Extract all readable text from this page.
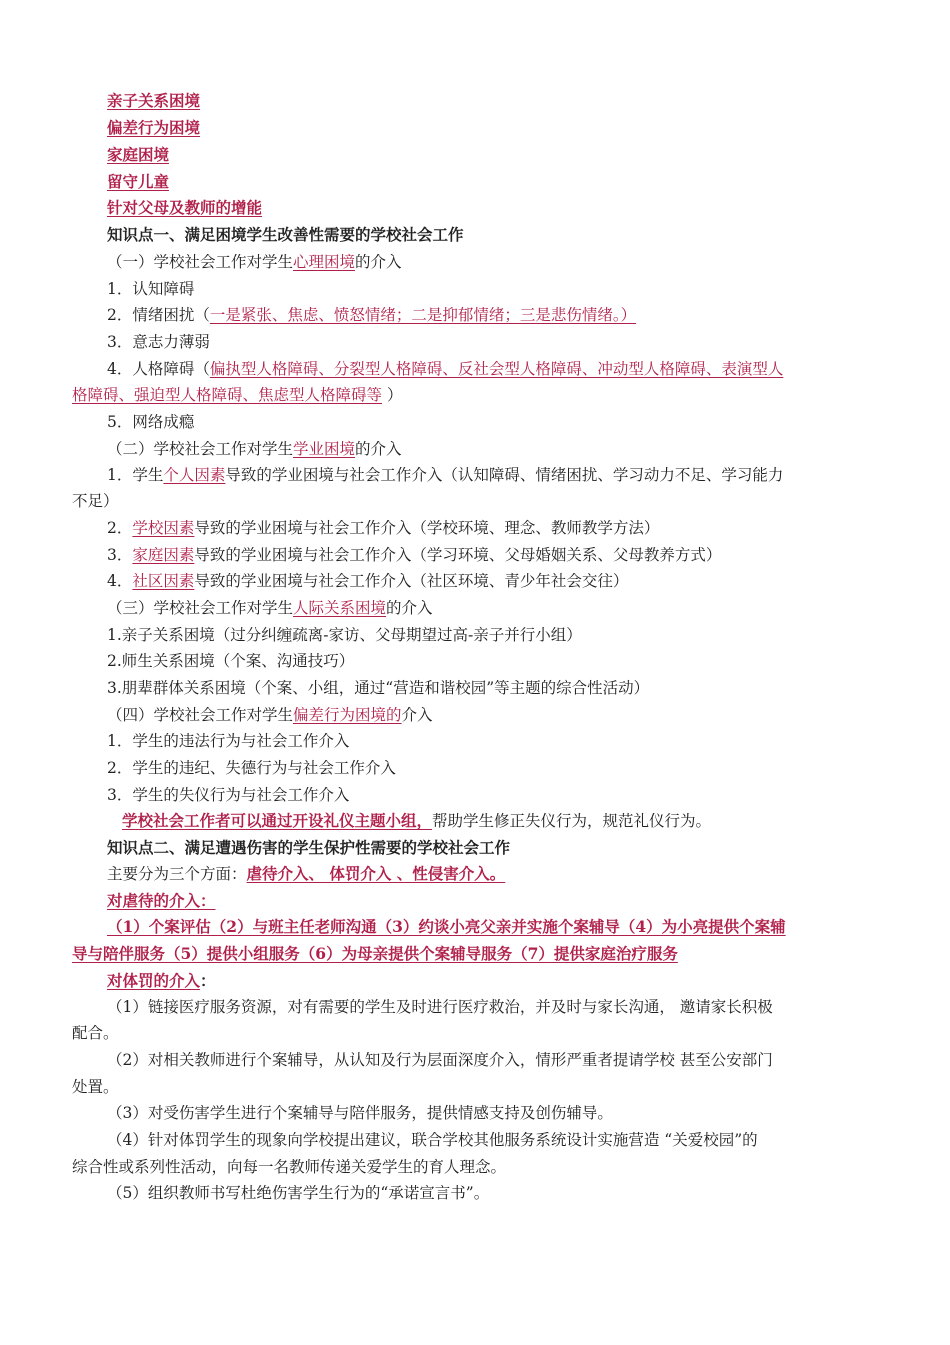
亲子关系困境
偏差行为困境
家庭困境
留守儿童
针对父母及教师的增能
知识点一、满足困境学生改善性需要的学校社会工作
（一）学校社会工作对学生心理困境的介入
1．认知障碍
2．情绪困扰（一是紧张、焦虑、愤怒情绪；二是抑郁情绪；三是悲伤情绪。）
3．意志力薄弱
4．人格障碍（偏执型人格障碍、分裂型人格障碍、反社会型人格障碍、冲动型人格障碍、表演型人
格障碍、强迫型人格障碍、焦虑型人格障碍等 ）
5．网络成瘾
（二）学校社会工作对学生学业困境的介入
1．学生个人因素导致的学业困境与社会工作介入（认知障碍、情绪困扰、学习动力不足、学习能力
不足）
2．学校因素导致的学业困境与社会工作介入（学校环境、理念、教师教学方法）
3．家庭因素导致的学业困境与社会工作介入（学习环境、父母婚姻关系、父母教养方式）
4．社区因素导致的学业困境与社会工作介入（社区环境、青少年社会交往）
（三）学校社会工作对学生人际关系困境的介入
1.亲子关系困境（过分纠缠疏离-家访、父母期望过高-亲子并行小组）
2.师生关系困境（个案、沟通技巧）
3.朋辈群体关系困境（个案、小组，通过“营造和谐校园”等主题的综合性活动）
（四）学校社会工作对学生偏差行为困境的介入
1．学生的违法行为与社会工作介入
2．学生的违纪、失德行为与社会工作介入
3．学生的失仪行为与社会工作介入
学校社会工作者可以通过开设礼仪主题小组，帮助学生修正失仪行为，规范礼仪行为。
知识点二、满足遭遇伤害的学生保护性需要的学校社会工作
主要分为三个方面：虐待介入、 体罚介入 、性侵害介入。
对虐待的介入：
（1）个案评估（2）与班主任老师沟通（3）约谈小亮父亲并实施个案辅导（4）为小亮提供个案辅
导与陪伴服务（5）提供小组服务（6）为母亲提供个案辅导服务（7）提供家庭治疗服务
对体罚的介入：
（1）链接医疗服务资源，对有需要的学生及时进行医疗救治，并及时与家长沟通， 邀请家长积极
配合。
（2）对相关教师进行个案辅导，从认知及行为层面深度介入，情形严重者提请学校 甚至公安部门
处置。
（3）对受伤害学生进行个案辅导与陪伴服务，提供情感支持及创伤辅导。
（4）针对体罚学生的现象向学校提出建议，联合学校其他服务系统设计实施营造 “关爱校园”的
综合性或系列性活动，向每一名教师传递关爱学生的育人理念。
（5）组织教师书写杜绝伤害学生行为的“承诺宣言书”。
